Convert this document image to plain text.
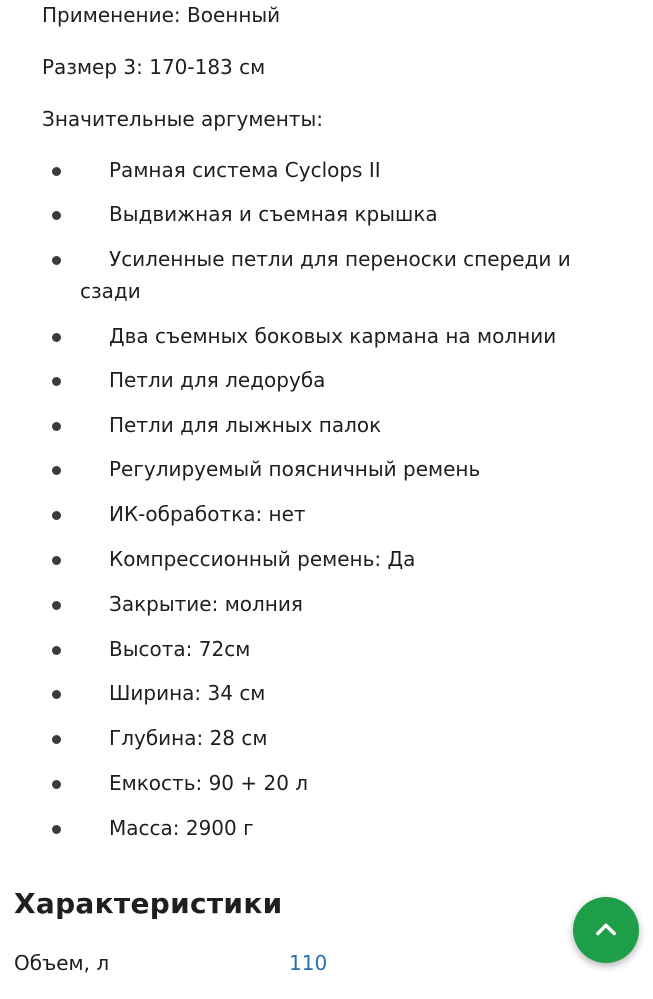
Применение: Военный
Размер 3: 170-183 см
Значительные аргументы:
Рамная система Cyclops II
Выдвижная и съемная крышка
Усиленные петли для переноски спереди и
сзади
Два съемных боковых кармана на молнии
Петли для ледоруба
Петли для лыжных палок
Регулируемый поясничный ремень
ИК-обработка: нет
Компрессионный ремень: Да
Закрытие: молния
Высота: 72см
Ширина: 34 см
Глубина: 28 см
Емкость: 90 + 20 л
Масса: 2900 г
Характеристики
Объем, л	110
